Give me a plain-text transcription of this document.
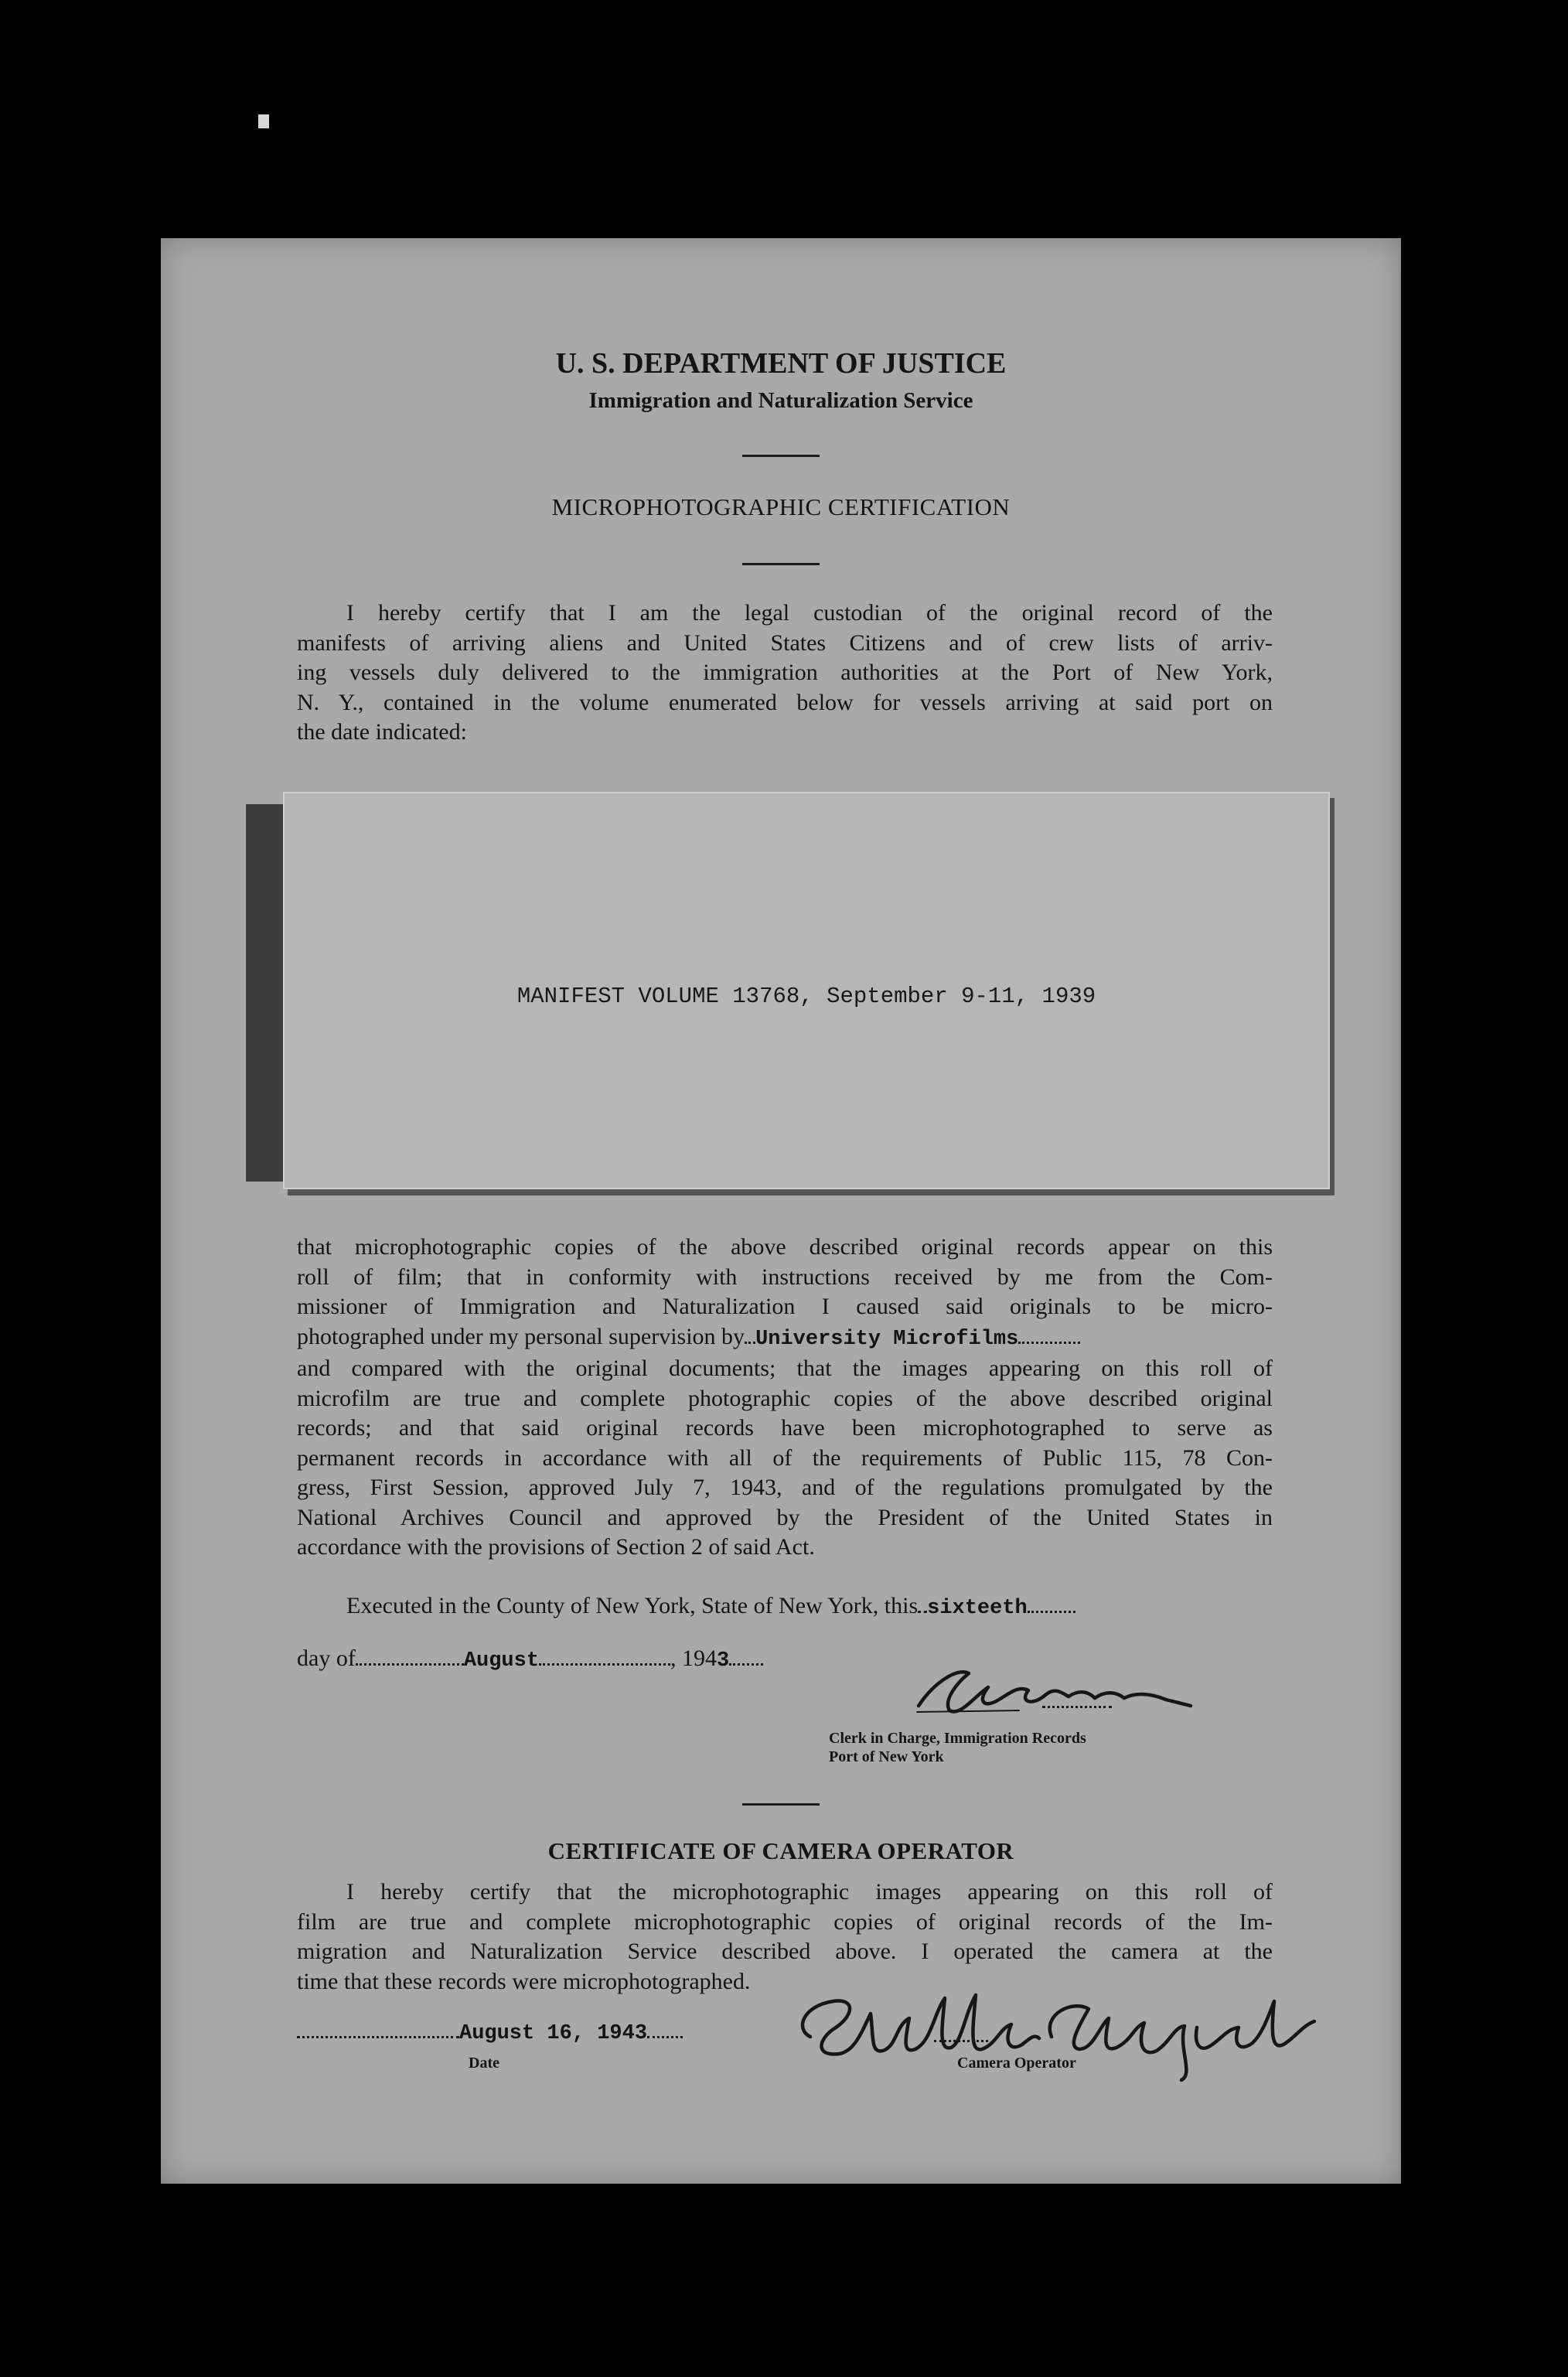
U. S. DEPARTMENT OF JUSTICE
Immigration and Naturalization Service
MICROPHOTOGRAPHIC CERTIFICATION
I hereby certify that I am the legal custodian of the original record of the
manifests of arriving aliens and United States Citizens and of crew lists of arriv-
ing vessels duly delivered to the immigration authorities at the Port of New York,
N. Y., contained in the volume enumerated below for vessels arriving at said port on
the date indicated:
MANIFEST VOLUME 13768, September 9-11, 1939
that microphotographic copies of the above described original records appear on this
roll of film; that in conformity with instructions received by me from the Com-
missioner of Immigration and Naturalization I caused said originals to be micro-
photographed under my personal supervision by University Microfilms
and compared with the original documents; that the images appearing on this roll of
microfilm are true and complete photographic copies of the above described original
records; and that said original records have been microphotographed to serve as
permanent records in accordance with all of the requirements of Public 115, 78 Con-
gress, First Session, approved July 7, 1943, and of the regulations promulgated by the
National Archives Council and approved by the President of the United States in
accordance with the provisions of Section 2 of said Act.
Executed in the County of New York, State of New York, this sixteeth
day of	August	, 1943
Clerk in Charge, Immigration Records
Port of New York
CERTIFICATE OF CAMERA OPERATOR
I hereby certify that the microphotographic images appearing on this roll of
film are true and complete microphotographic copies of original records of the Im-
migration and Naturalization Service described above. I operated the camera at the
time that these records were microphotographed.
August 16, 1943
Date	Camera Operator
